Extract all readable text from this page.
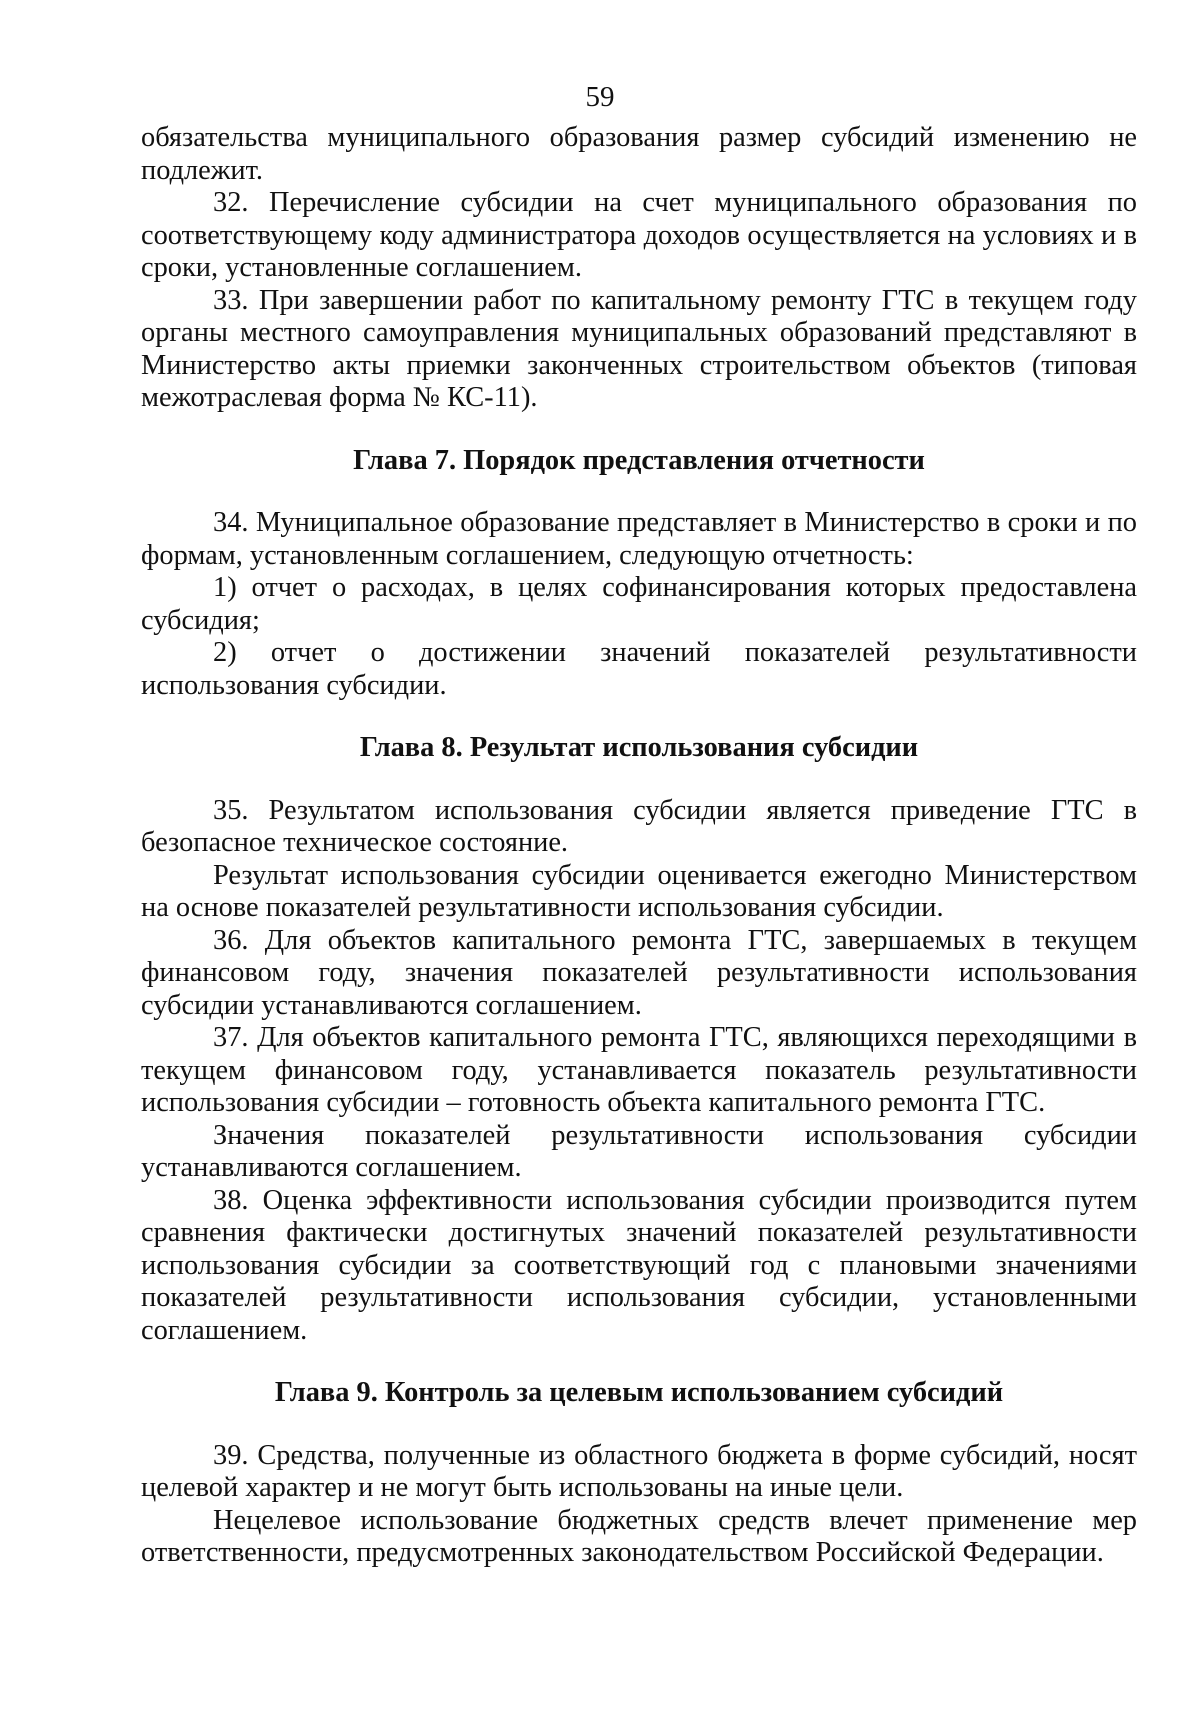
59

обязательства муниципального образования размер субсидий изменению не подлежит.

32. Перечисление субсидии на счет муниципального образования по соответствующему коду администратора доходов осуществляется на условиях и в сроки, установленные соглашением.

33. При завершении работ по капитальному ремонту ГТС в текущем году органы местного самоуправления муниципальных образований представляют в Министерство акты приемки законченных строительством объектов (типовая межотраслевая форма № КС-11).

Глава 7. Порядок представления отчетности

34. Муниципальное образование представляет в Министерство в сроки и по формам, установленным соглашением, следующую отчетность:

1) отчет о расходах, в целях софинансирования которых предоставлена субсидия;

2) отчет о достижении значений показателей результативности использования субсидии.

Глава 8. Результат использования субсидии

35. Результатом использования субсидии является приведение ГТС в безопасное техническое состояние.

Результат использования субсидии оценивается ежегодно Министерством на основе показателей результативности использования субсидии.

36. Для объектов капитального ремонта ГТС, завершаемых в текущем финансовом году, значения показателей результативности использования субсидии устанавливаются соглашением.

37. Для объектов капитального ремонта ГТС, являющихся переходящими в текущем финансовом году, устанавливается показатель результативности использования субсидии – готовность объекта капитального ремонта ГТС.

Значения показателей результативности использования субсидии устанавливаются соглашением.

38. Оценка эффективности использования субсидии производится путем сравнения фактически достигнутых значений показателей результативности использования субсидии за соответствующий год с плановыми значениями показателей результативности использования субсидии, установленными соглашением.

Глава 9. Контроль за целевым использованием субсидий

39. Средства, полученные из областного бюджета в форме субсидий, носят целевой характер и не могут быть использованы на иные цели.

Нецелевое использование бюджетных средств влечет применение мер ответственности, предусмотренных законодательством Российской Федерации.
